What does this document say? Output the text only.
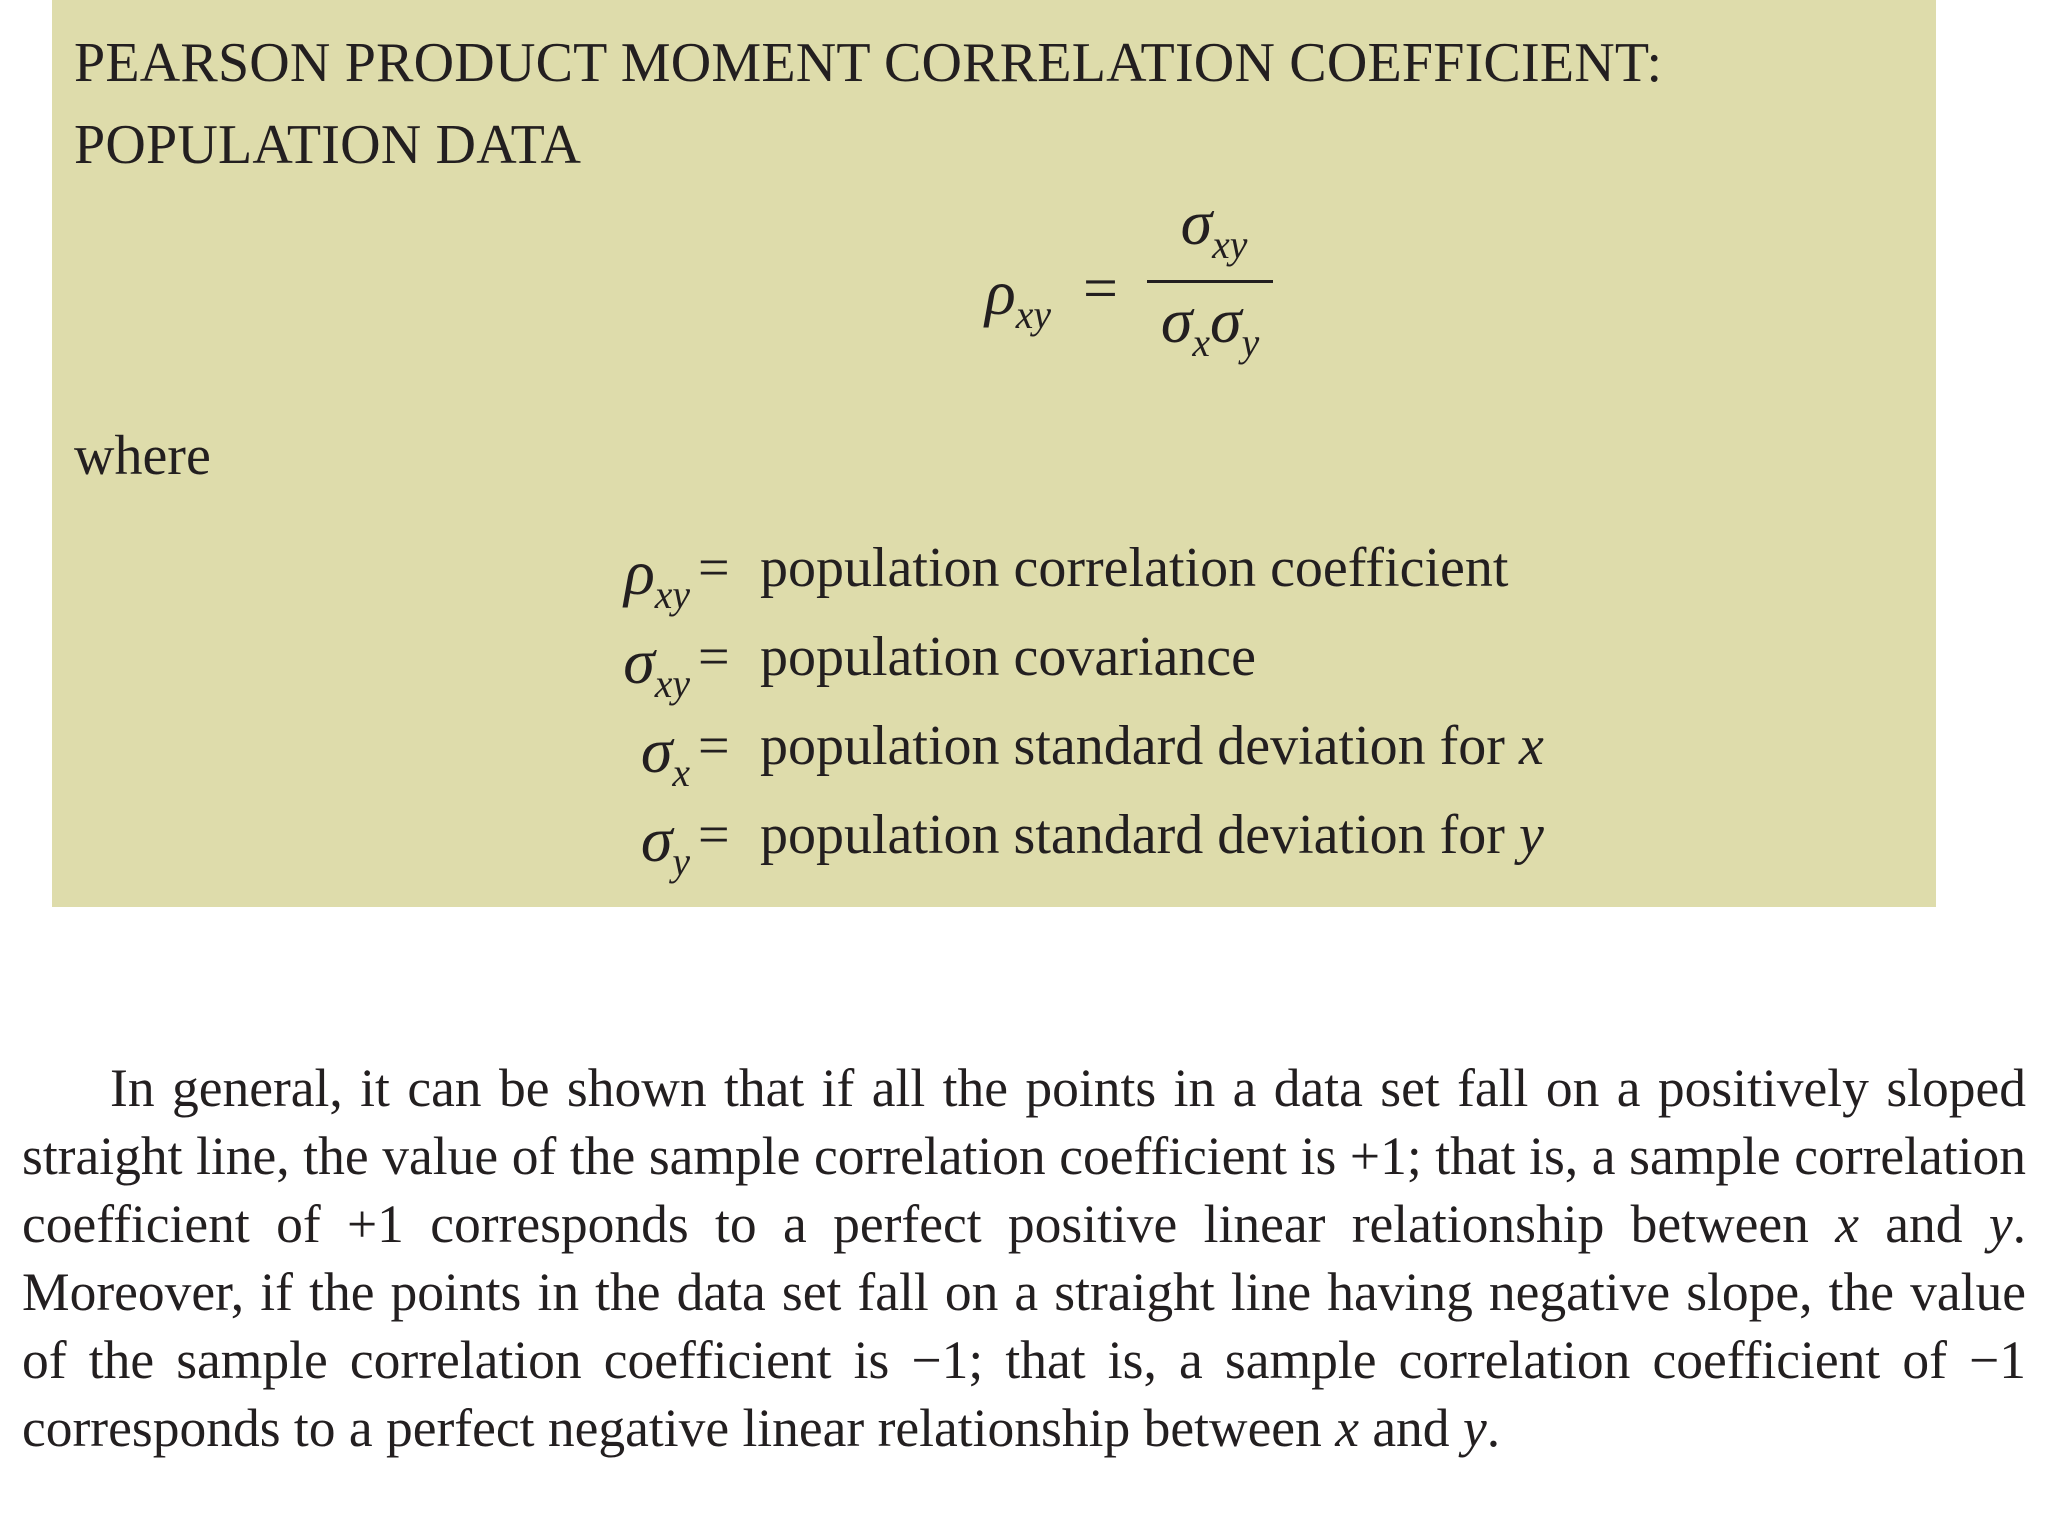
PEARSON PRODUCT MOMENT CORRELATION COEFFICIENT:
POPULATION DATA
$\rho_{xy}$ =
$\sigma_{xy}$
$\sigma_x\sigma_y$
where
$\rho_{xy}$ = population correlation coefficient
$\sigma_{xy}$ = population covariance
$\sigma_x$ = population standard deviation for x
$\sigma_y$ = population standard deviation for y

In general, it can be shown that if all the points in a data set fall on a positively sloped straight line, the value of the sample correlation coefficient is +1; that is, a sample correlation coefficient of +1 corresponds to a perfect positive linear relationship between x and y. Moreover, if the points in the data set fall on a straight line having negative slope, the value of the sample correlation coefficient is −1; that is, a sample correlation coefficient of −1 corresponds to a perfect negative linear relationship between x and y.
